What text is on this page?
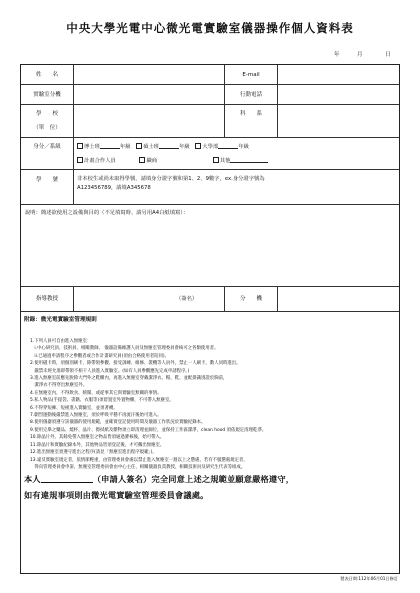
中央大學光電中心微光電實驗室儀器操作個人資料表
年	月	日
姓　　名	E-mail
實驗室分機	行動電話
學　　校
（單　位）
科　　系
身分／系級	博士班	年級 碩士班	年級 大學部	年級
計畫合作人員	職商	其他
學　　號	非本校生或尚未取得學號，請填身分證字號和第1、2、9數字，ex.身分證字號為
A123456789，請填A345678
說明：簡述欲使用之設備與目的（不足填寫時、請另用A4白紙填寫）：
指導教授	（簽名）	分　　機
附錄：微光電實驗室管理規則
1.下列人員可自由進入無塵室：
　i.中心研究員、技術員、相關教師、 儀器設備維護人員及無塵室管理委員會核可之各類使用者。
　ii.已通過申請程序之參觀者或合作計畫研究員(須由合格使用者陪同)。
2.使用磁卡時，須個別刷卡，除帶領參觀、接受訓練、維修、裝機等人員外，禁止一人刷卡，數人同時進出。
　嚴禁未經允准即帶領不相干人員進入實驗室。(如有人員參觀應先完成申請程序。)
3.進入無塵室前應先脫除大門外之鞋櫃內，再進入無塵室穿戴潔淨衣、帽、鞋、並配掛識別證於胸前，
　潔淨衣不得穿出無塵室外。
4.在無塵室內，不得飲食、嬉閙、或從事其它與實驗室無關的事情。
5.私人物品(手提袋、書籍、衣服等)須留置室外置物櫃，不可帶入無塵室。
6.不得穿短褲、短裙進入實驗室，並須著襪。
7.劇烈運動後嚴禁進入無塵室，須於呼吸平穩不再流汗後始可進入。
8.使用儀器須遵守該儀器的使用規範，並確實登記使用時間及儀器工作狀況於實驗紀錄本。
9.使用完畢之藥品、燒杯、晶片、擦拭紙及雜物須立即清理並歸位，並保持工作區潔淨，clean hood 須依規定清理乾淨。
10.除晶片外，其餘免帶入無塵室之物品皆須通過審核後，始可帶入。
11.除晶片和實驗紀錄本外，其他物品皆須登記後，才可攜出無塵室。
12.進出無塵室須遵守進出之程序(請見「無塵室進出程序規範」)。
13.違反實驗室規定者，依情節輕重，由管理委員會處以禁止進入無塵室一週以上之懲處，若有不服懲處規定者，
　得向管理委員會申訴，無塵室管理委員會由中心主任、相關儀器負責教授、相關技術員及研究生代表等組成。
本人	（申請人簽名）完全同意上述之規範並願意嚴格遵守，
如有違規事項則由微光電實驗室管理委員會議處。
製表日期:112年06月01日修訂
